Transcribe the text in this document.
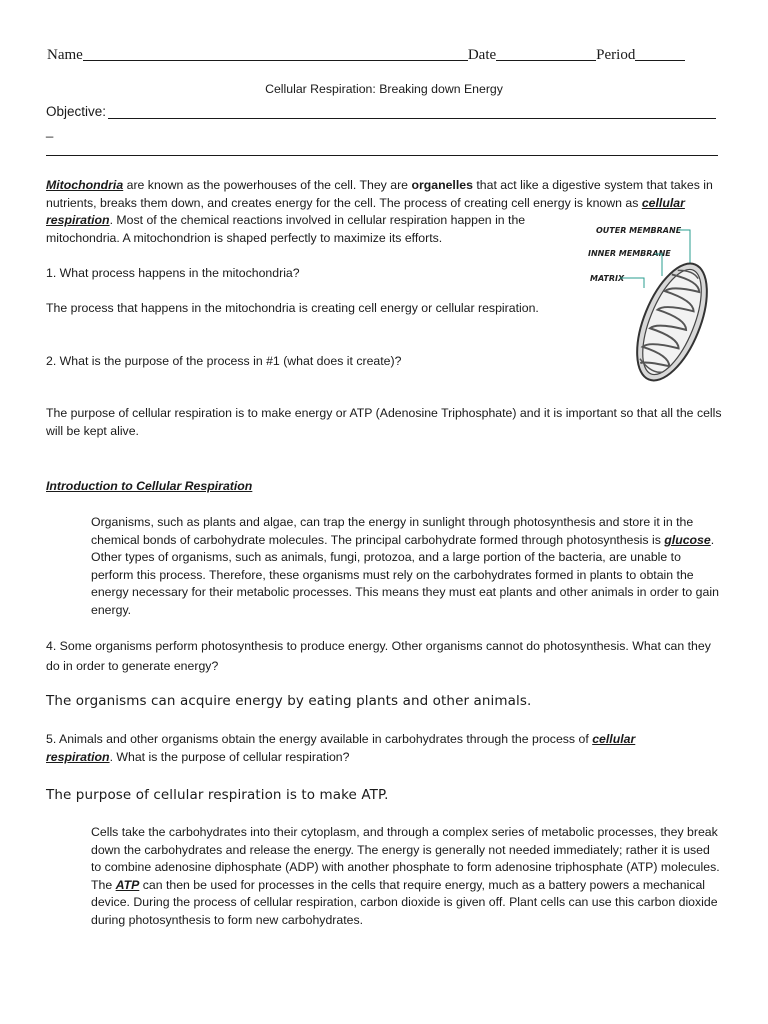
Name	Date	Period
Cellular Respiration: Breaking down Energy
Objective:
_
Mitochondria are known as the powerhouses of the cell. They are organelles that act like a digestive system that takes in nutrients, breaks them down, and creates energy for the cell. The process of creating cell energy is known as cellular
respiration. Most of the chemical reactions involved in cellular respiration happen in the
mitochondria. A mitochondrion is shaped perfectly to maximize its efforts.	OUTER MEMBRANE
INNER MEMBRANE
MATRIX
1. What process happens in the mitochondria?
The process that happens in the mitochondria is creating cell energy or cellular respiration.
2. What is the purpose of the process in #1 (what does it create)?
The purpose of cellular respiration is to make energy or ATP (Adenosine Triphosphate) and it is important so that all the cells will be kept alive.
Introduction to Cellular Respiration
Organisms, such as plants and algae, can trap the energy in sunlight through photosynthesis and store it in the chemical bonds of carbohydrate molecules. The principal carbohydrate formed through photosynthesis is glucose. Other types of organisms, such as animals, fungi, protozoa, and a large portion of the bacteria, are unable to perform this process. Therefore, these organisms must rely on the carbohydrates formed in plants to obtain the energy necessary for their metabolic processes. This means they must eat plants and other animals in order to gain energy.
4. Some organisms perform photosynthesis to produce energy. Other organisms cannot do photosynthesis. What can they do in order to generate energy?
The organisms can acquire energy by eating plants and other animals.
5. Animals and other organisms obtain the energy available in carbohydrates through the process of cellular respiration. What is the purpose of cellular respiration?
The purpose of cellular respiration is to make ATP.
Cells take the carbohydrates into their cytoplasm, and through a complex series of metabolic processes, they break down the carbohydrates and release the energy. The energy is generally not needed immediately; rather it is used to combine adenosine diphosphate (ADP) with another phosphate to form adenosine triphosphate (ATP) molecules. The ATP can then be used for processes in the cells that require energy, much as a battery powers a mechanical device. During the process of cellular respiration, carbon dioxide is given off. Plant cells can use this carbon dioxide during photosynthesis to form new carbohydrates.
